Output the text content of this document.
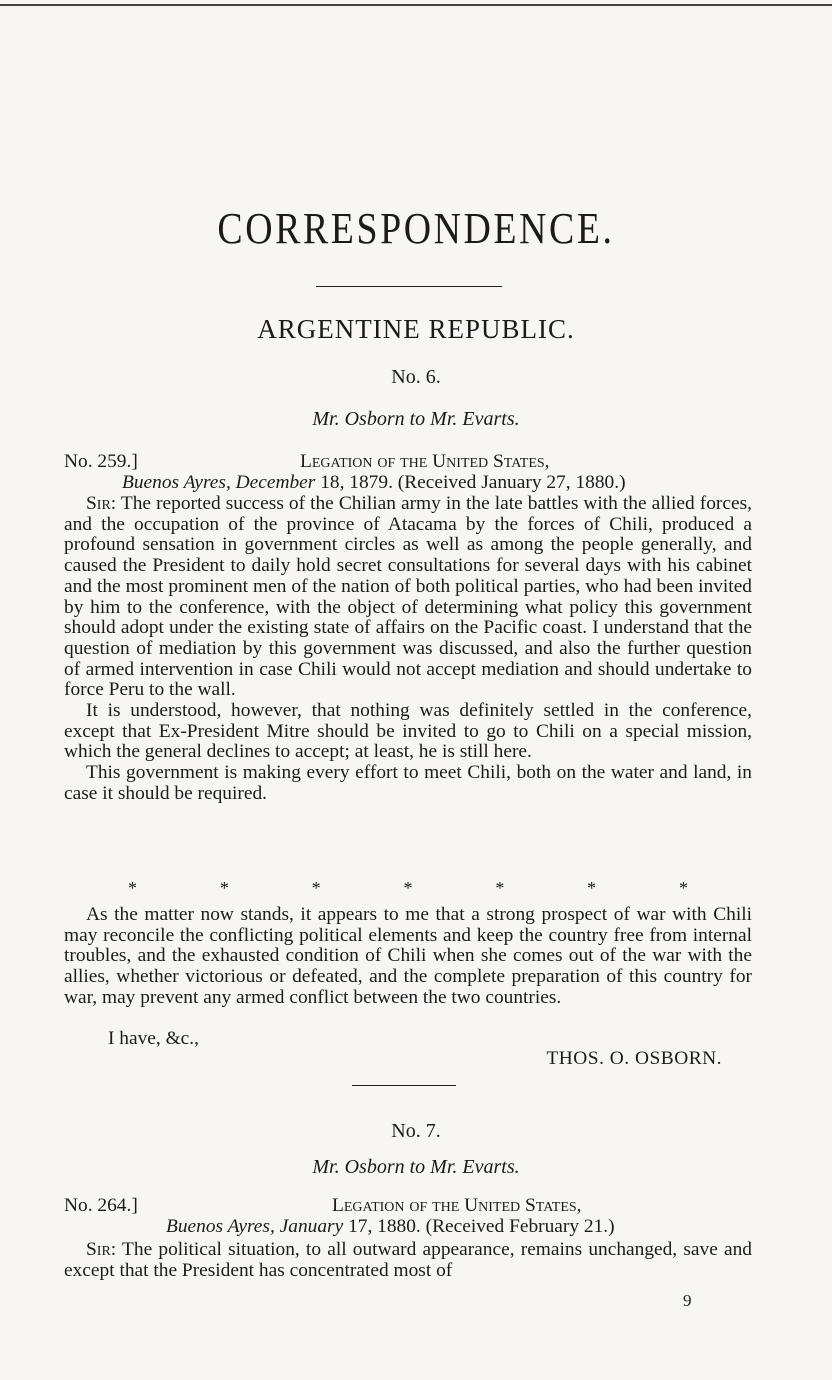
CORRESPONDENCE.
ARGENTINE REPUBLIC.
No. 6.
Mr. Osborn to Mr. Evarts.
No. 259.]	Legation of the United States,
Buenos Ayres, December 18, 1879. (Received January 27, 1880.)

Sir: The reported success of the Chilian army in the late battles with the allied forces, and the occupation of the province of Atacama by the forces of Chili, produced a profound sensation in government circles as well as among the people generally, and caused the President to daily hold secret consultations for several days with his cabinet and the most prominent men of the nation of both political parties, who had been invited by him to the conference, with the object of determining what policy this government should adopt under the existing state of affairs on the Pacific coast. I understand that the question of mediation by this government was discussed, and also the further question of armed intervention in case Chili would not accept mediation and should undertake to force Peru to the wall.

It is understood, however, that nothing was definitely settled in the conference, except that Ex-President Mitre should be invited to go to Chili on a special mission, which the general declines to accept; at least, he is still here.

This government is making every effort to meet Chili, both on the water and land, in case it should be required.

*	*	*	*	*	*	*

As the matter now stands, it appears to me that a strong prospect of war with Chili may reconcile the conflicting political elements and keep the country free from internal troubles, and the exhausted condition of Chili when she comes out of the war with the allies, whether victorious or defeated, and the complete preparation of this country for war, may prevent any armed conflict between the two countries.

I have, &c.,
THOS. O. OSBORN.
No. 7.
Mr. Osborn to Mr. Evarts.
No. 264.]	Legation of the United States,
Buenos Ayres, January 17, 1880. (Received February 21.)

Sir: The political situation, to all outward appearance, remains unchanged, save and except that the President has concentrated most of

9
